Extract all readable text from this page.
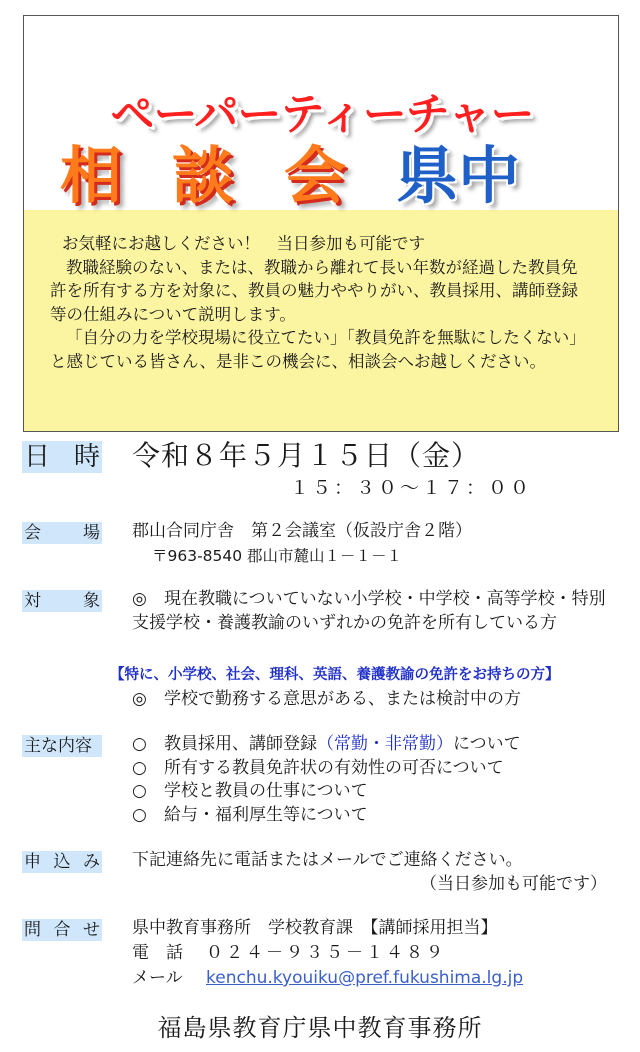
ペーパーティーチャー
相 談 会 県中

お気軽にお越しください！　当日参加も可能です

教職経験のない、または、教職から離れて長い年数が経過した教員免許を所有する方を対象に、教員の魅力ややりがい、教員採用、講師登録等の仕組みについて説明します。

「自分の力を学校現場に役立てたい」「教員免許を無駄にしたくない」と感じている皆さん、是非この機会に、相談会へお越しください。

日 時 令和８年５月１５日（金）
１５：３０〜１７：００
会 場 郡山合同庁舎　第２会議室（仮設庁舎２階）
〒963-8540 郡山市麓山１－１－１
対 象 ◎ 現在教職についていない小学校・中学校・高等学校・特別支援学校・養護教諭のいずれかの免許を所有している方
【特に、小学校、社会、理科、英語、養護教諭の免許をお持ちの方】
◎ 学校で勤務する意思がある、または検討中の方
主な内容 ○ 教員採用、講師登録（常勤・非常勤）について
○ 所有する教員免許状の有効性の可否について
○ 学校と教員の仕事について
○ 給与・福利厚生等について
申 込 み 下記連絡先に電話またはメールでご連絡ください。
（当日参加も可能です）
問 合 せ 県中教育事務所　学校教育課　【講師採用担当】
電　話 ０２４－９３５－１４８９
メール kenchu.kyouiku@pref.fukushima.lg.jp
福島県教育庁県中教育事務所
